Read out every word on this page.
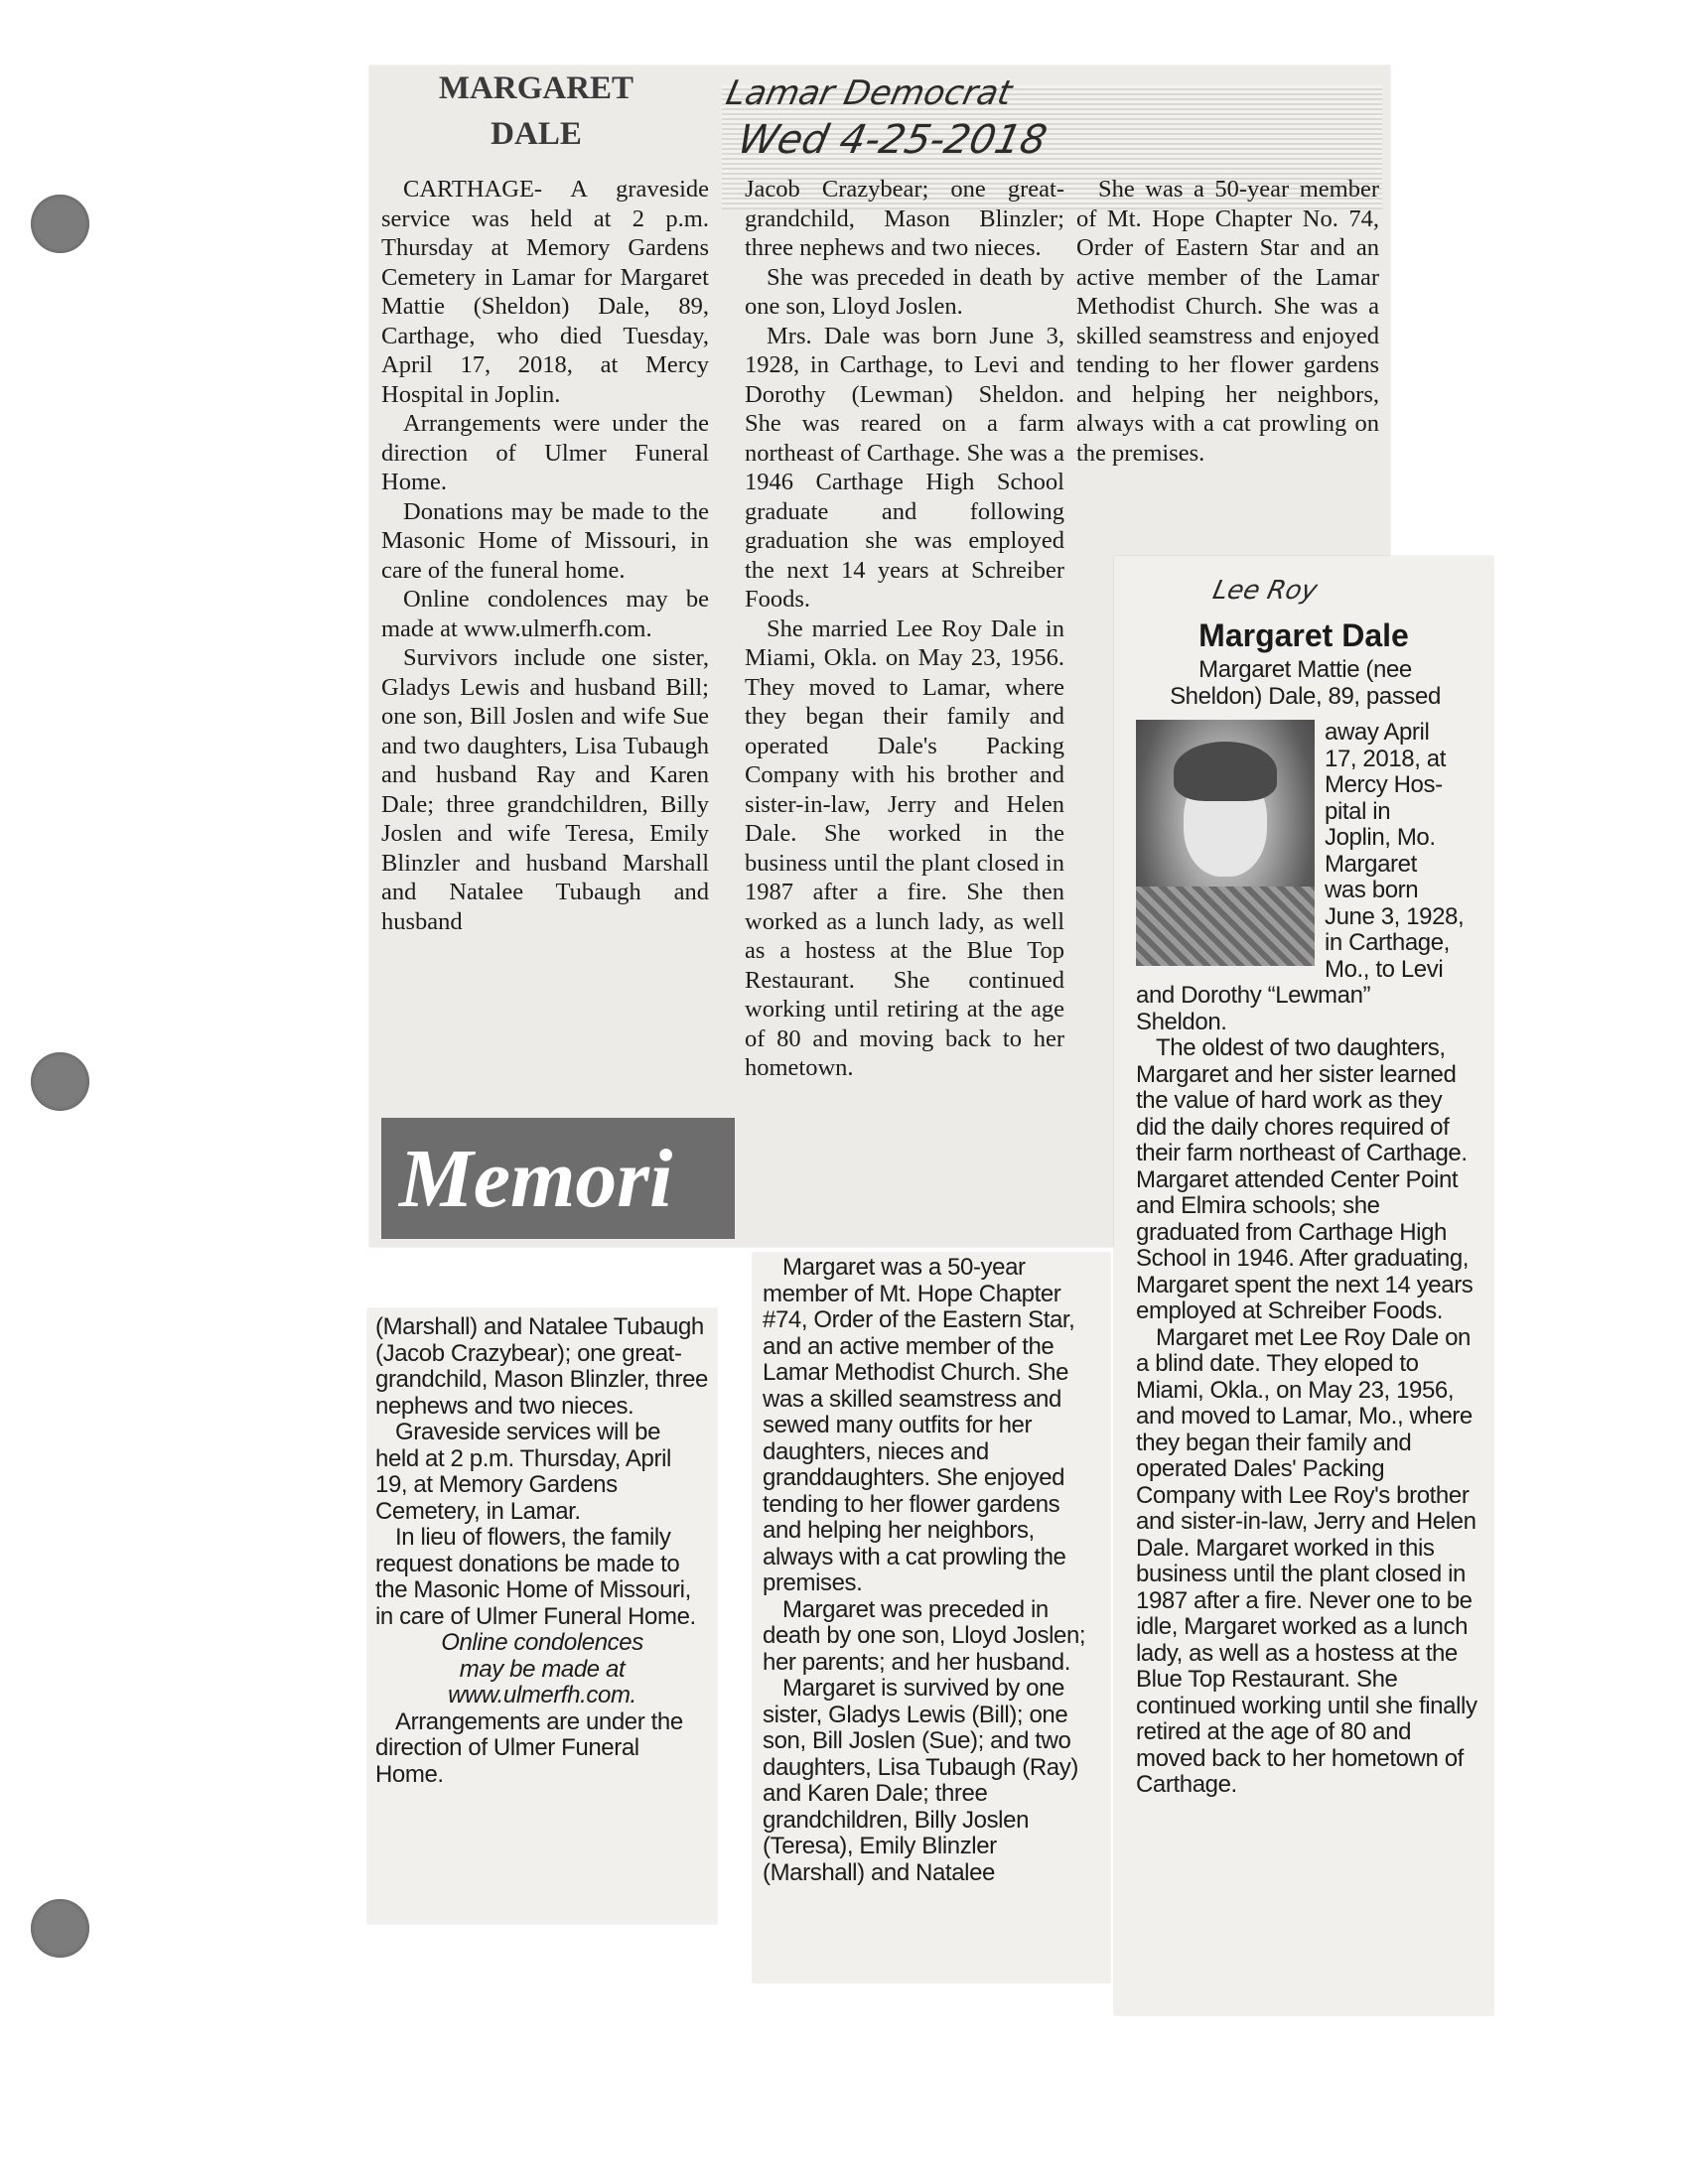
Lamar Democrat
Wed 4-25-2018
MARGARET
DALE

CARTHAGE- A graveside service was held at 2 p.m. Thursday at Memory Gardens Cemetery in Lamar for Margaret Mattie (Sheldon) Dale, 89, Carthage, who died Tuesday, April 17, 2018, at Mercy Hospital in Joplin.

Arrangements were under the direction of Ulmer Funeral Home.

Donations may be made to the Masonic Home of Missouri, in care of the funeral home.

Online condolences may be made at www.ulmerfh.com.

Survivors include one sister, Gladys Lewis and husband Bill; one son, Bill Joslen and wife Sue and two daughters, Lisa Tubaugh and husband Ray and Karen Dale; three grandchildren, Billy Joslen and wife Teresa, Emily Blinzler and husband Marshall and Natalee Tubaugh and husband

Jacob Crazybear; one great-grandchild, Mason Blinzler; three nephews and two nieces.

She was preceded in death by one son, Lloyd Joslen.

Mrs. Dale was born June 3, 1928, in Carthage, to Levi and Dorothy (Lewman) Sheldon. She was reared on a farm northeast of Carthage. She was a 1946 Carthage High School graduate and following graduation she was employed the next 14 years at Schreiber Foods.

She married Lee Roy Dale in Miami, Okla. on May 23, 1956. They moved to Lamar, where they began their family and operated Dale's Packing Company with his brother and sister-in-law, Jerry and Helen Dale. She worked in the business until the plant closed in 1987 after a fire. She then worked as a lunch lady, as well as a hostess at the Blue Top Restaurant. She continued working until retiring at the age of 80 and moving back to her hometown.

She was a 50-year member of Mt. Hope Chapter No. 74, Order of Eastern Star and an active member of the Lamar Methodist Church. She was a skilled seamstress and enjoyed tending to her flower gardens and helping her neighbors, always with a cat prowling on the premises.

Memori
Lee Roy
Margaret Dale
Margaret Mattie (nee
Sheldon) Dale, 89, passed
away April
17, 2018, at
Mercy Hos-
pital in
Joplin, Mo.
Margaret
was born
June 3, 1928,
in Carthage,
Mo., to Levi
and Dorothy “Lewman”
Sheldon.

The oldest of two daughters, Margaret and her sister learned the value of hard work as they did the daily chores required of their farm northeast of Carthage. Margaret attended Center Point and Elmira schools; she graduated from Carthage High School in 1946. After graduating, Margaret spent the next 14 years employed at Schreiber Foods.

Margaret met Lee Roy Dale on a blind date. They eloped to Miami, Okla., on May 23, 1956, and moved to Lamar, Mo., where they began their family and operated Dales' Packing Company with Lee Roy's brother and sister-in-law, Jerry and Helen Dale. Margaret worked in this business until the plant closed in 1987 after a fire. Never one to be idle, Margaret worked as a lunch lady, as well as a hostess at the Blue Top Restaurant. She continued working until she finally retired at the age of 80 and moved back to her hometown of Carthage.

(Marshall) and Natalee Tubaugh (Jacob Crazybear); one great-grandchild, Mason Blinzler, three nephews and two nieces.

Graveside services will be held at 2 p.m. Thursday, April 19, at Memory Gardens Cemetery, in Lamar.

In lieu of flowers, the family request donations be made to the Masonic Home of Missouri, in care of Ulmer Funeral Home.

Online condolences

may be made at

www.ulmerfh.com.

Arrangements are under the direction of Ulmer Funeral Home.

Margaret was a 50-year member of Mt. Hope Chapter #74, Order of the Eastern Star, and an active member of the Lamar Methodist Church. She was a skilled seamstress and sewed many outfits for her daughters, nieces and granddaughters. She enjoyed tending to her flower gardens and helping her neighbors, always with a cat prowling the premises.

Margaret was preceded in death by one son, Lloyd Joslen; her parents; and her husband.

Margaret is survived by one sister, Gladys Lewis (Bill); one son, Bill Joslen (Sue); and two daughters, Lisa Tubaugh (Ray) and Karen Dale; three grandchildren, Billy Joslen (Teresa), Emily Blinzler (Marshall) and Natalee
